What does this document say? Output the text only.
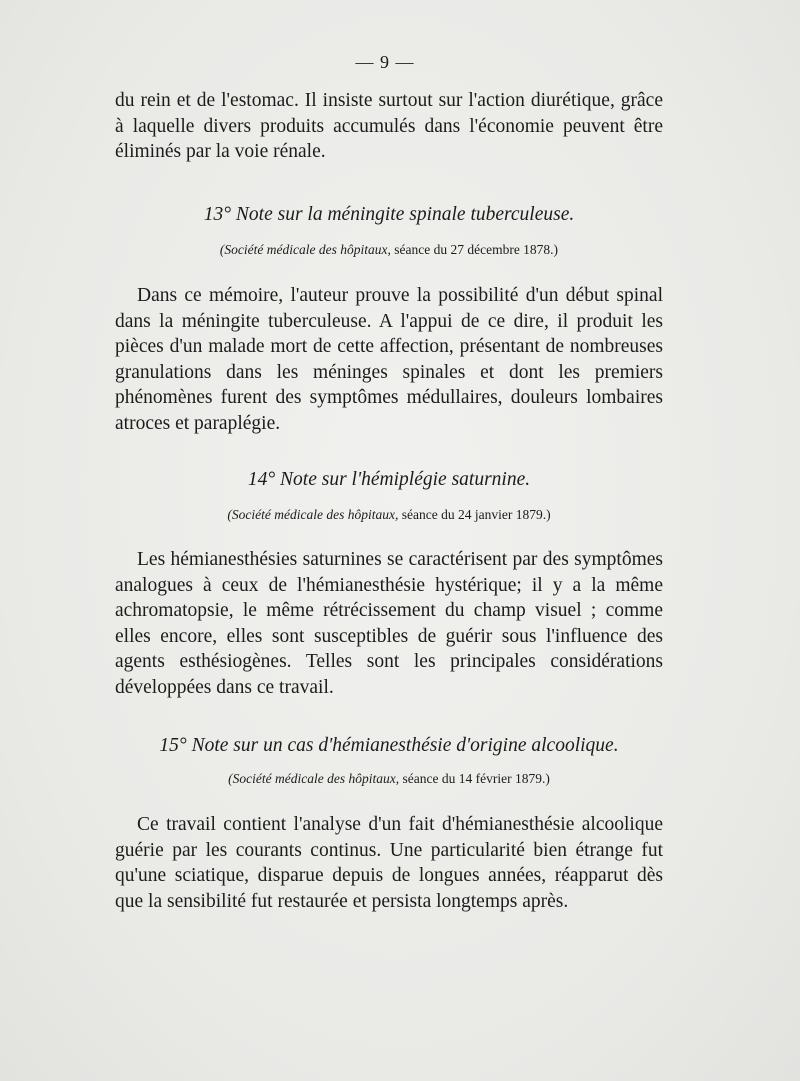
— 9 —

du rein et de l'estomac. Il insiste surtout sur l'action diurétique, grâce à laquelle divers produits accumulés dans l'économie peuvent être éliminés par la voie rénale.

13° Note sur la méningite spinale tuberculeuse.
(Société médicale des hôpitaux, séance du 27 décembre 1878.)

Dans ce mémoire, l'auteur prouve la possibilité d'un début spinal dans la méningite tuberculeuse. A l'appui de ce dire, il produit les pièces d'un malade mort de cette affection, présentant de nombreuses granulations dans les méninges spinales et dont les premiers phénomènes furent des symptômes médullaires, douleurs lombaires atroces et paraplégie.

14° Note sur l'hémiplégie saturnine.
(Société médicale des hôpitaux, séance du 24 janvier 1879.)

Les hémianesthésies saturnines se caractérisent par des symptômes analogues à ceux de l'hémianesthésie hystérique; il y a la même achromatopsie, le même rétrécissement du champ visuel ; comme elles encore, elles sont susceptibles de guérir sous l'influence des agents esthésiogènes. Telles sont les principales considérations développées dans ce travail.

15° Note sur un cas d'hémianesthésie d'origine alcoolique.
(Société médicale des hôpitaux, séance du 14 février 1879.)

Ce travail contient l'analyse d'un fait d'hémianesthésie alcoolique guérie par les courants continus. Une particularité bien étrange fut qu'une sciatique, disparue depuis de longues années, réapparut dès que la sensibilité fut restaurée et persista longtemps après.
